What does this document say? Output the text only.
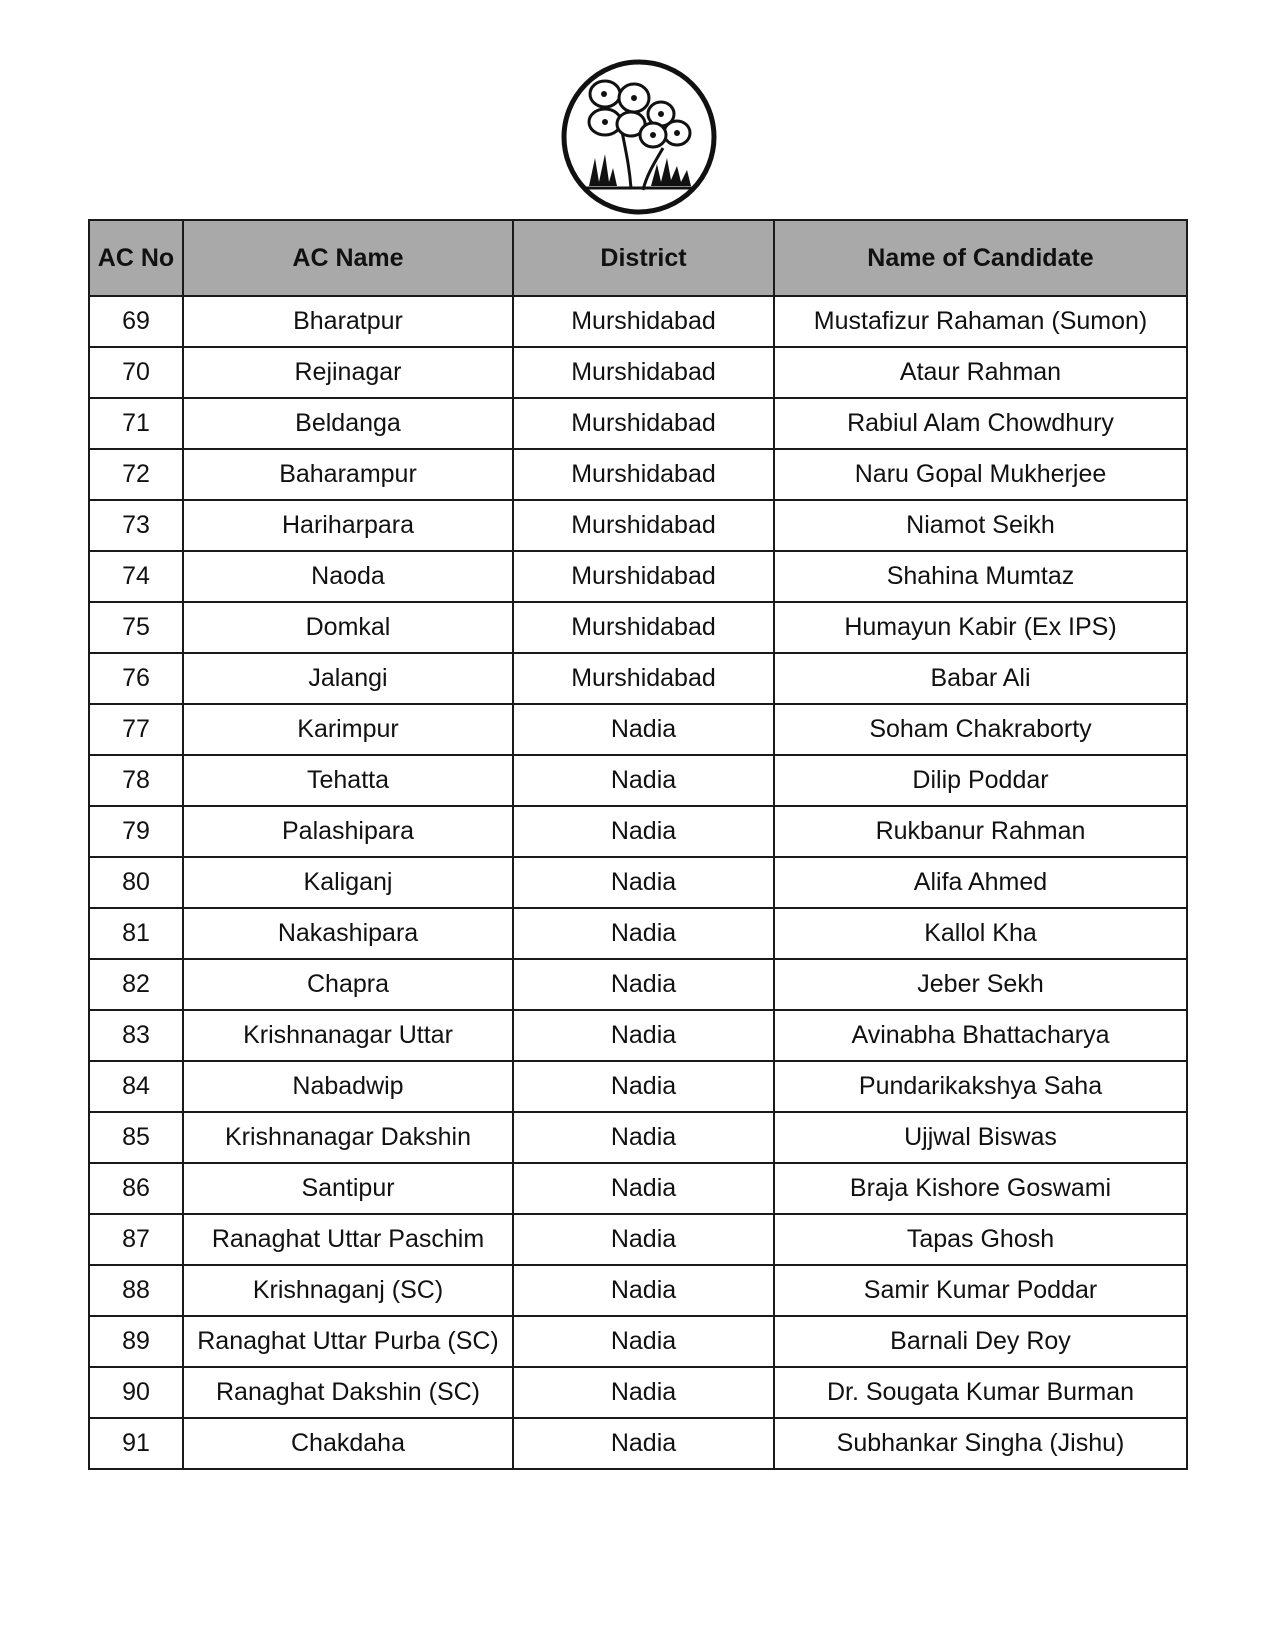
AC No	AC Name	District	Name of Candidate
69	Bharatpur	Murshidabad	Mustafizur Rahaman (Sumon)
70	Rejinagar	Murshidabad	Ataur Rahman
71	Beldanga	Murshidabad	Rabiul Alam Chowdhury
72	Baharampur	Murshidabad	Naru Gopal Mukherjee
73	Hariharpara	Murshidabad	Niamot Seikh
74	Naoda	Murshidabad	Shahina Mumtaz
75	Domkal	Murshidabad	Humayun Kabir (Ex IPS)
76	Jalangi	Murshidabad	Babar Ali
77	Karimpur	Nadia	Soham Chakraborty
78	Tehatta	Nadia	Dilip Poddar
79	Palashipara	Nadia	Rukbanur Rahman
80	Kaliganj	Nadia	Alifa Ahmed
81	Nakashipara	Nadia	Kallol Kha
82	Chapra	Nadia	Jeber Sekh
83	Krishnanagar Uttar	Nadia	Avinabha Bhattacharya
84	Nabadwip	Nadia	Pundarikakshya Saha
85	Krishnanagar Dakshin	Nadia	Ujjwal Biswas
86	Santipur	Nadia	Braja Kishore Goswami
87	Ranaghat Uttar Paschim	Nadia	Tapas Ghosh
88	Krishnaganj (SC)	Nadia	Samir Kumar Poddar
89	Ranaghat Uttar Purba (SC)	Nadia	Barnali Dey Roy
90	Ranaghat Dakshin (SC)	Nadia	Dr. Sougata Kumar Burman
91	Chakdaha	Nadia	Subhankar Singha (Jishu)
